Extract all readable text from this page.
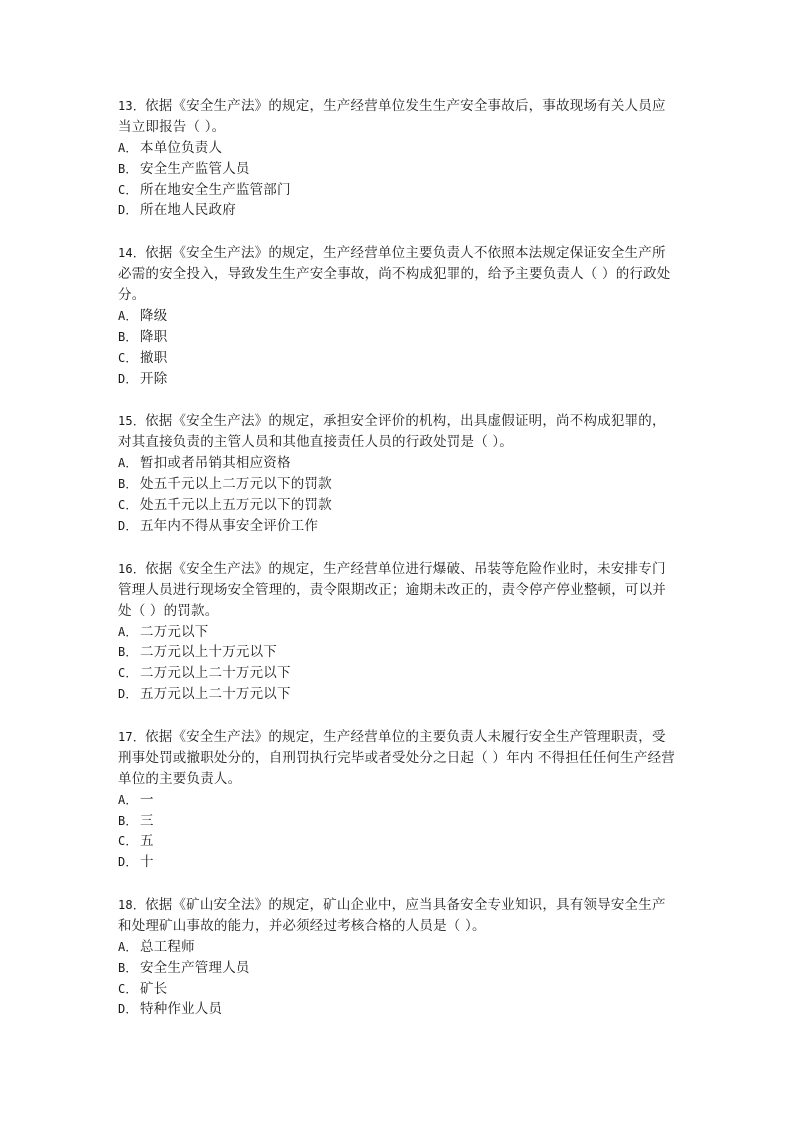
13．依据《安全生产法》的规定，生产经营单位发生生产安全事故后，事故现场有关人员应当立即报告（ ）。

A． 本单位负责人
B． 安全生产监管人员
C． 所在地安全生产监管部门
D． 所在地人民政府

14．依据《安全生产法》的规定，生产经营单位主要负责人不依照本法规定保证安全生产所必需的安全投入，导致发生生产安全事故，尚不构成犯罪的，给予主要负责人（ ）的行政处分。

A． 降级
B． 降职
C． 撤职
D． 开除

15．依据《安全生产法》的规定，承担安全评价的机构，出具虚假证明，尚不构成犯罪的，对其直接负责的主管人员和其他直接责任人员的行政处罚是（ ）。

A． 暂扣或者吊销其相应资格
B． 处五千元以上二万元以下的罚款
C． 处五千元以上五万元以下的罚款
D． 五年内不得从事安全评价工作

16．依据《安全生产法》的规定，生产经营单位进行爆破、吊装等危险作业时，未安排专门管理人员进行现场安全管理的，责令限期改正；逾期未改正的，责令停产停业整顿，可以并处（ ）的罚款。

A． 二万元以下
B． 二万元以上十万元以下
C． 二万元以上二十万元以下
D． 五万元以上二十万元以下

17．依据《安全生产法》的规定，生产经营单位的主要负责人未履行安全生产管理职责，受刑事处罚或撤职处分的，自刑罚执行完毕或者受处分之日起（ ）年内 不得担任任何生产经营单位的主要负责人。

A． 一
B． 三
C． 五
D． 十

18．依据《矿山安全法》的规定，矿山企业中，应当具备安全专业知识，具有领导安全生产和处理矿山事故的能力，并必须经过考核合格的人员是（ ）。

A． 总工程师
B． 安全生产管理人员
C． 矿长
D． 特种作业人员
